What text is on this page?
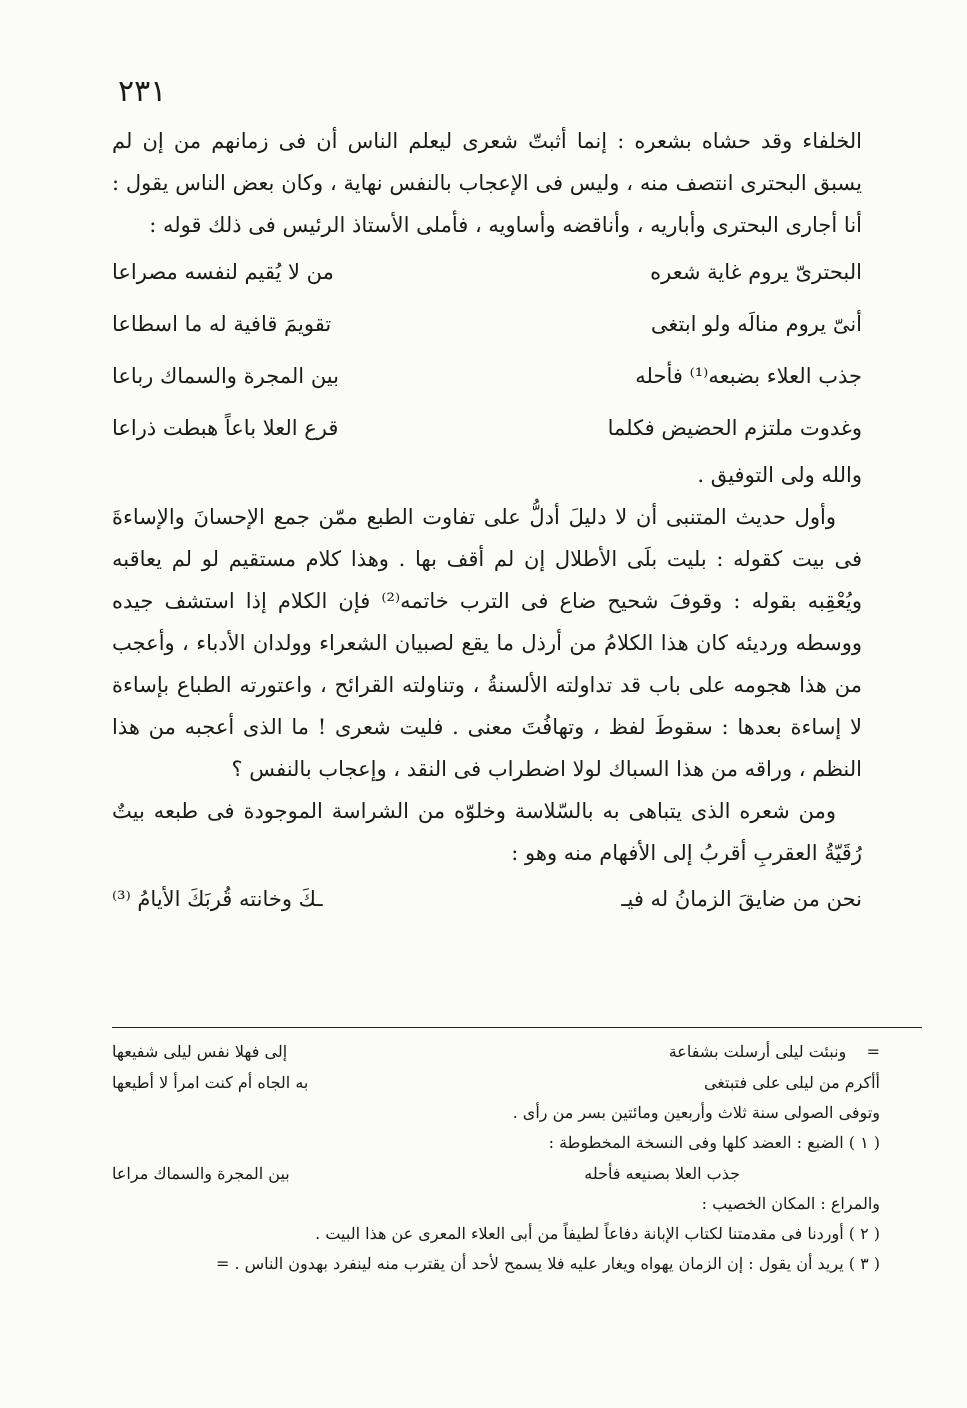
٢٣١

الخلفاء وقد حشاه بشعره : إنما أثبتّ شعرى ليعلم الناس أن فى زمانهم من إن لم يسبق البحترى انتصف منه ، وليس فى الإعجاب بالنفس نهاية ، وكان بعض الناس يقول : أنا أجارى البحترى وأباريه ، وأناقضه وأساويه ، فأملى الأستاذ الرئيس فى ذلك قوله :

البحترىّ يروم غاية شعره
من لا يُقيم لنفسه مصراعا
أنىّ يروم منالَه ولو ابتغى
تقويمَ قافية له ما اسطاعا
جذب العلاء بضبعه⁽¹⁾ فأحله
بين المجرة والسماك رباعا
وغدوت ملتزم الحضيض فكلما
قرع العلا باعاً هبطت ذراعا

والله ولى التوفيق .

وأول حديث المتنبى أن لا دليلَ أدلُّ على تفاوت الطبع ممّن جمع الإحسانَ والإساءةَ فى بيت كقوله : بليت بلَى الأطلال إن لم أقف بها . وهذا كلام مستقيم لو لم يعاقبه ويُعْقِبه بقوله : وقوفَ شحيح ضاع فى الترب خاتمه⁽²⁾ فإن الكلام إذا استشف جيده ووسطه ورديئه كان هذا الكلامُ من أرذل ما يقع لصبيان الشعراء وولدان الأدباء ، وأعجب من هذا هجومه على باب قد تداولته الألسنةُ ، وتناولته القرائح ، واعتورته الطباع بإساءة لا إساءة بعدها : سقوطَ لفظ ، وتهافُتَ معنى . فليت شعرى ! ما الذى أعجبه من هذا النظم ، وراقه من هذا السباك لولا اضطراب فى النقد ، وإعجاب بالنفس ؟

ومن شعره الذى يتباهى به بالسّلاسة وخلوّه من الشراسة الموجودة فى طبعه بيتٌ رُقَيّةُ العقربِ أقربُ إلى الأفهام منه وهو :

نحن من ضايقَ الزمانُ له فيـ
ـكَ وخانته قُربَكَ الأيامُ ⁽³⁾
=    ونبئت ليلى أرسلت بشفاعة
إلى فهلا نفس ليلى شفيعها
أأكرم من ليلى على فتبتغى
به الجاه أم كنت امرأ لا أطيعها

وتوفى الصولى سنة ثلاث وأربعين ومائتين بسر من رأى .

( ١ ) الضبع : العضد كلها وفى النسخة المخطوطة :

جذب العلا بصنيعه فأحله
بين المجرة والسماك مراعا

والمراع : المكان الخصيب :

( ٢ ) أوردنا فى مقدمتنا لكتاب الإبانة دفاعاً لطيفاً من أبى العلاء المعرى عن هذا البيت .

( ٣ ) يريد أن يقول : إن الزمان يهواه ويغار عليه فلا يسمح لأحد أن يقترب منه لينفرد بهدون الناس . =
